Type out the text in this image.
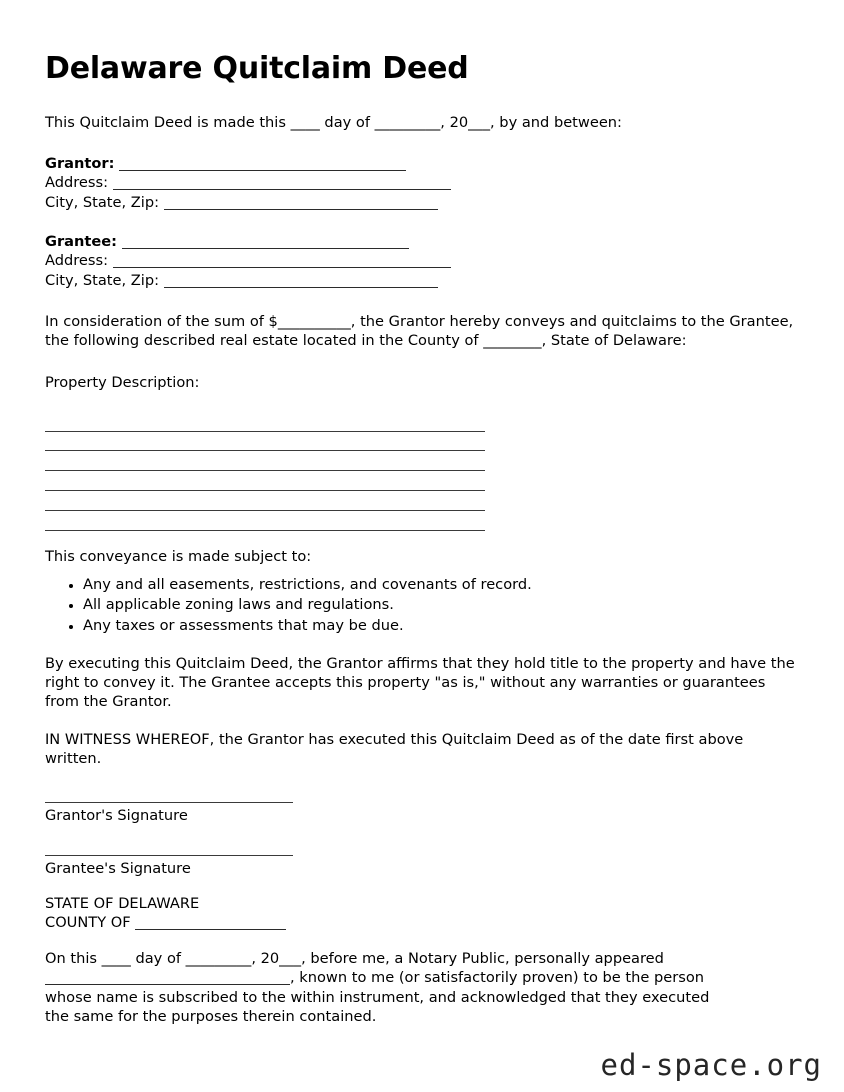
Delaware Quitclaim Deed

This Quitclaim Deed is made this ____ day of _________, 20___, by and between:

Grantor:
Address:
City, State, Zip:
Grantee:
Address:
City, State, Zip:

In consideration of the sum of $__________, the Grantor hereby conveys and quitclaims to the Grantee, the following described real estate located in the County of ________, State of Delaware:

Property Description:

This conveyance is made subject to:

• Any and all easements, restrictions, and covenants of record.
• All applicable zoning laws and regulations.
• Any taxes or assessments that may be due.

By executing this Quitclaim Deed, the Grantor affirms that they hold title to the property and have the right to convey it. The Grantee accepts this property "as is," without any warranties or guarantees from the Grantor.

IN WITNESS WHEREOF, the Grantor has executed this Quitclaim Deed as of the date first above written.

Grantor's Signature
Grantee's Signature
STATE OF DELAWARE
COUNTY OF
On this ____ day of _________, 20___, before me, a Notary Public, personally appeared
, known to me (or satisfactorily proven) to be the person
whose name is subscribed to the within instrument, and acknowledged that they executed
the same for the purposes therein contained.
ed-space.org
